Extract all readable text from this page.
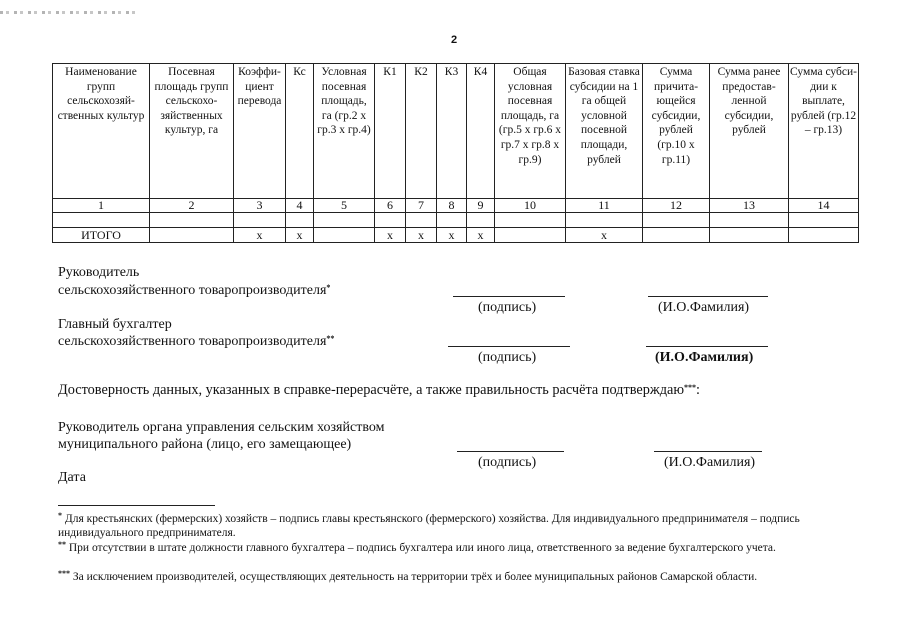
2
Наименование групп сельскохозяй-ственных культур	Посевная площадь групп сельскохо-зяйственных культур, га	Коэффи-циент перевода	Кс	Условная посевная площадь, га (гр.2 х гр.3 х гр.4)	К1	К2	К3	К4	Общая условная посевная площадь, га (гр.5 х гр.6 х гр.7 х гр.8 х гр.9)	Базовая ставка субсидии на 1 га общей условной посевной площади, рублей	Сумма причита-ющейся субсидии, рублей (гр.10 х гр.11)	Сумма ранее предостав-ленной субсидии, рублей	Сумма субси-дии к выплате, рублей (гр.12 – гр.13)
1	2	3	4	5	6	7	8	9	10	11	12	13	14

ИТОГО		x	x		x	x	x	x		x			
Руководитель
сельскохозяйственного товаропроизводителя*
(подпись)	(И.О.Фамилия)
Главный бухгалтер
сельскохозяйственного товаропроизводителя**
(подпись)	(И.О.Фамилия)
Достоверность данных, указанных в справке-перерасчёте, а также правильность расчёта подтверждаю***:
Руководитель органа управления сельским хозяйством
муниципального района (лицо, его замещающее)
(подпись)	(И.О.Фамилия)
Дата
* Для крестьянских (фермерских) хозяйств – подпись главы крестьянского (фермерского) хозяйства. Для индивидуального предпринимателя – подпись индивидуального предпринимателя.
** При отсутствии в штате должности главного бухгалтера – подпись бухгалтера или иного лица, ответственного за ведение бухгалтерского учета.
*** За исключением производителей, осуществляющих деятельность на территории трёх и более муниципальных районов Самарской области.
